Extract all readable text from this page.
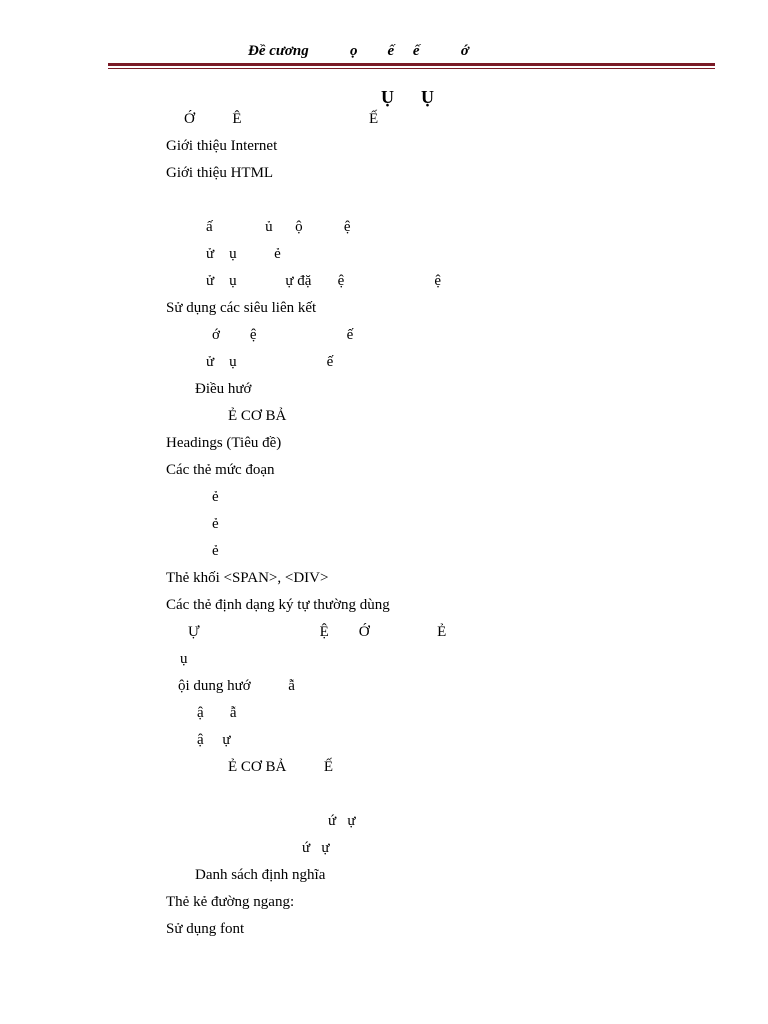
Đề cương           ọ        ế     ế           ớ
Ụ      Ụ
Ớ          Ê                                  Ế
Giới thiệu Internet
Giới thiệu HTML
ấ              ủ      ộ           ệ
ử    ụ          ẻ
ử    ụ             ự đặ       ệ                        ệ
Sử dụng các siêu liên kết
ớ        ệ                        ế
ử    ụ                        ế
Điều hướ
Ẻ CƠ BẢ
Headings (Tiêu đề)
Các thẻ mức đoạn
ẻ
ẻ
ẻ
Thẻ khối <SPAN>, <DIV>
Các thẻ định dạng ký tự thường dùng
Ự                                Ệ        Ớ                  Ẻ
ụ
ội dung hướ          ẫ
ậ       ẫ
ậ     ự
Ẻ CƠ BẢ          Ế
ứ   ự
ứ   ự
Danh sách định nghĩa
Thẻ kẻ đường ngang:
Sử dụng font
